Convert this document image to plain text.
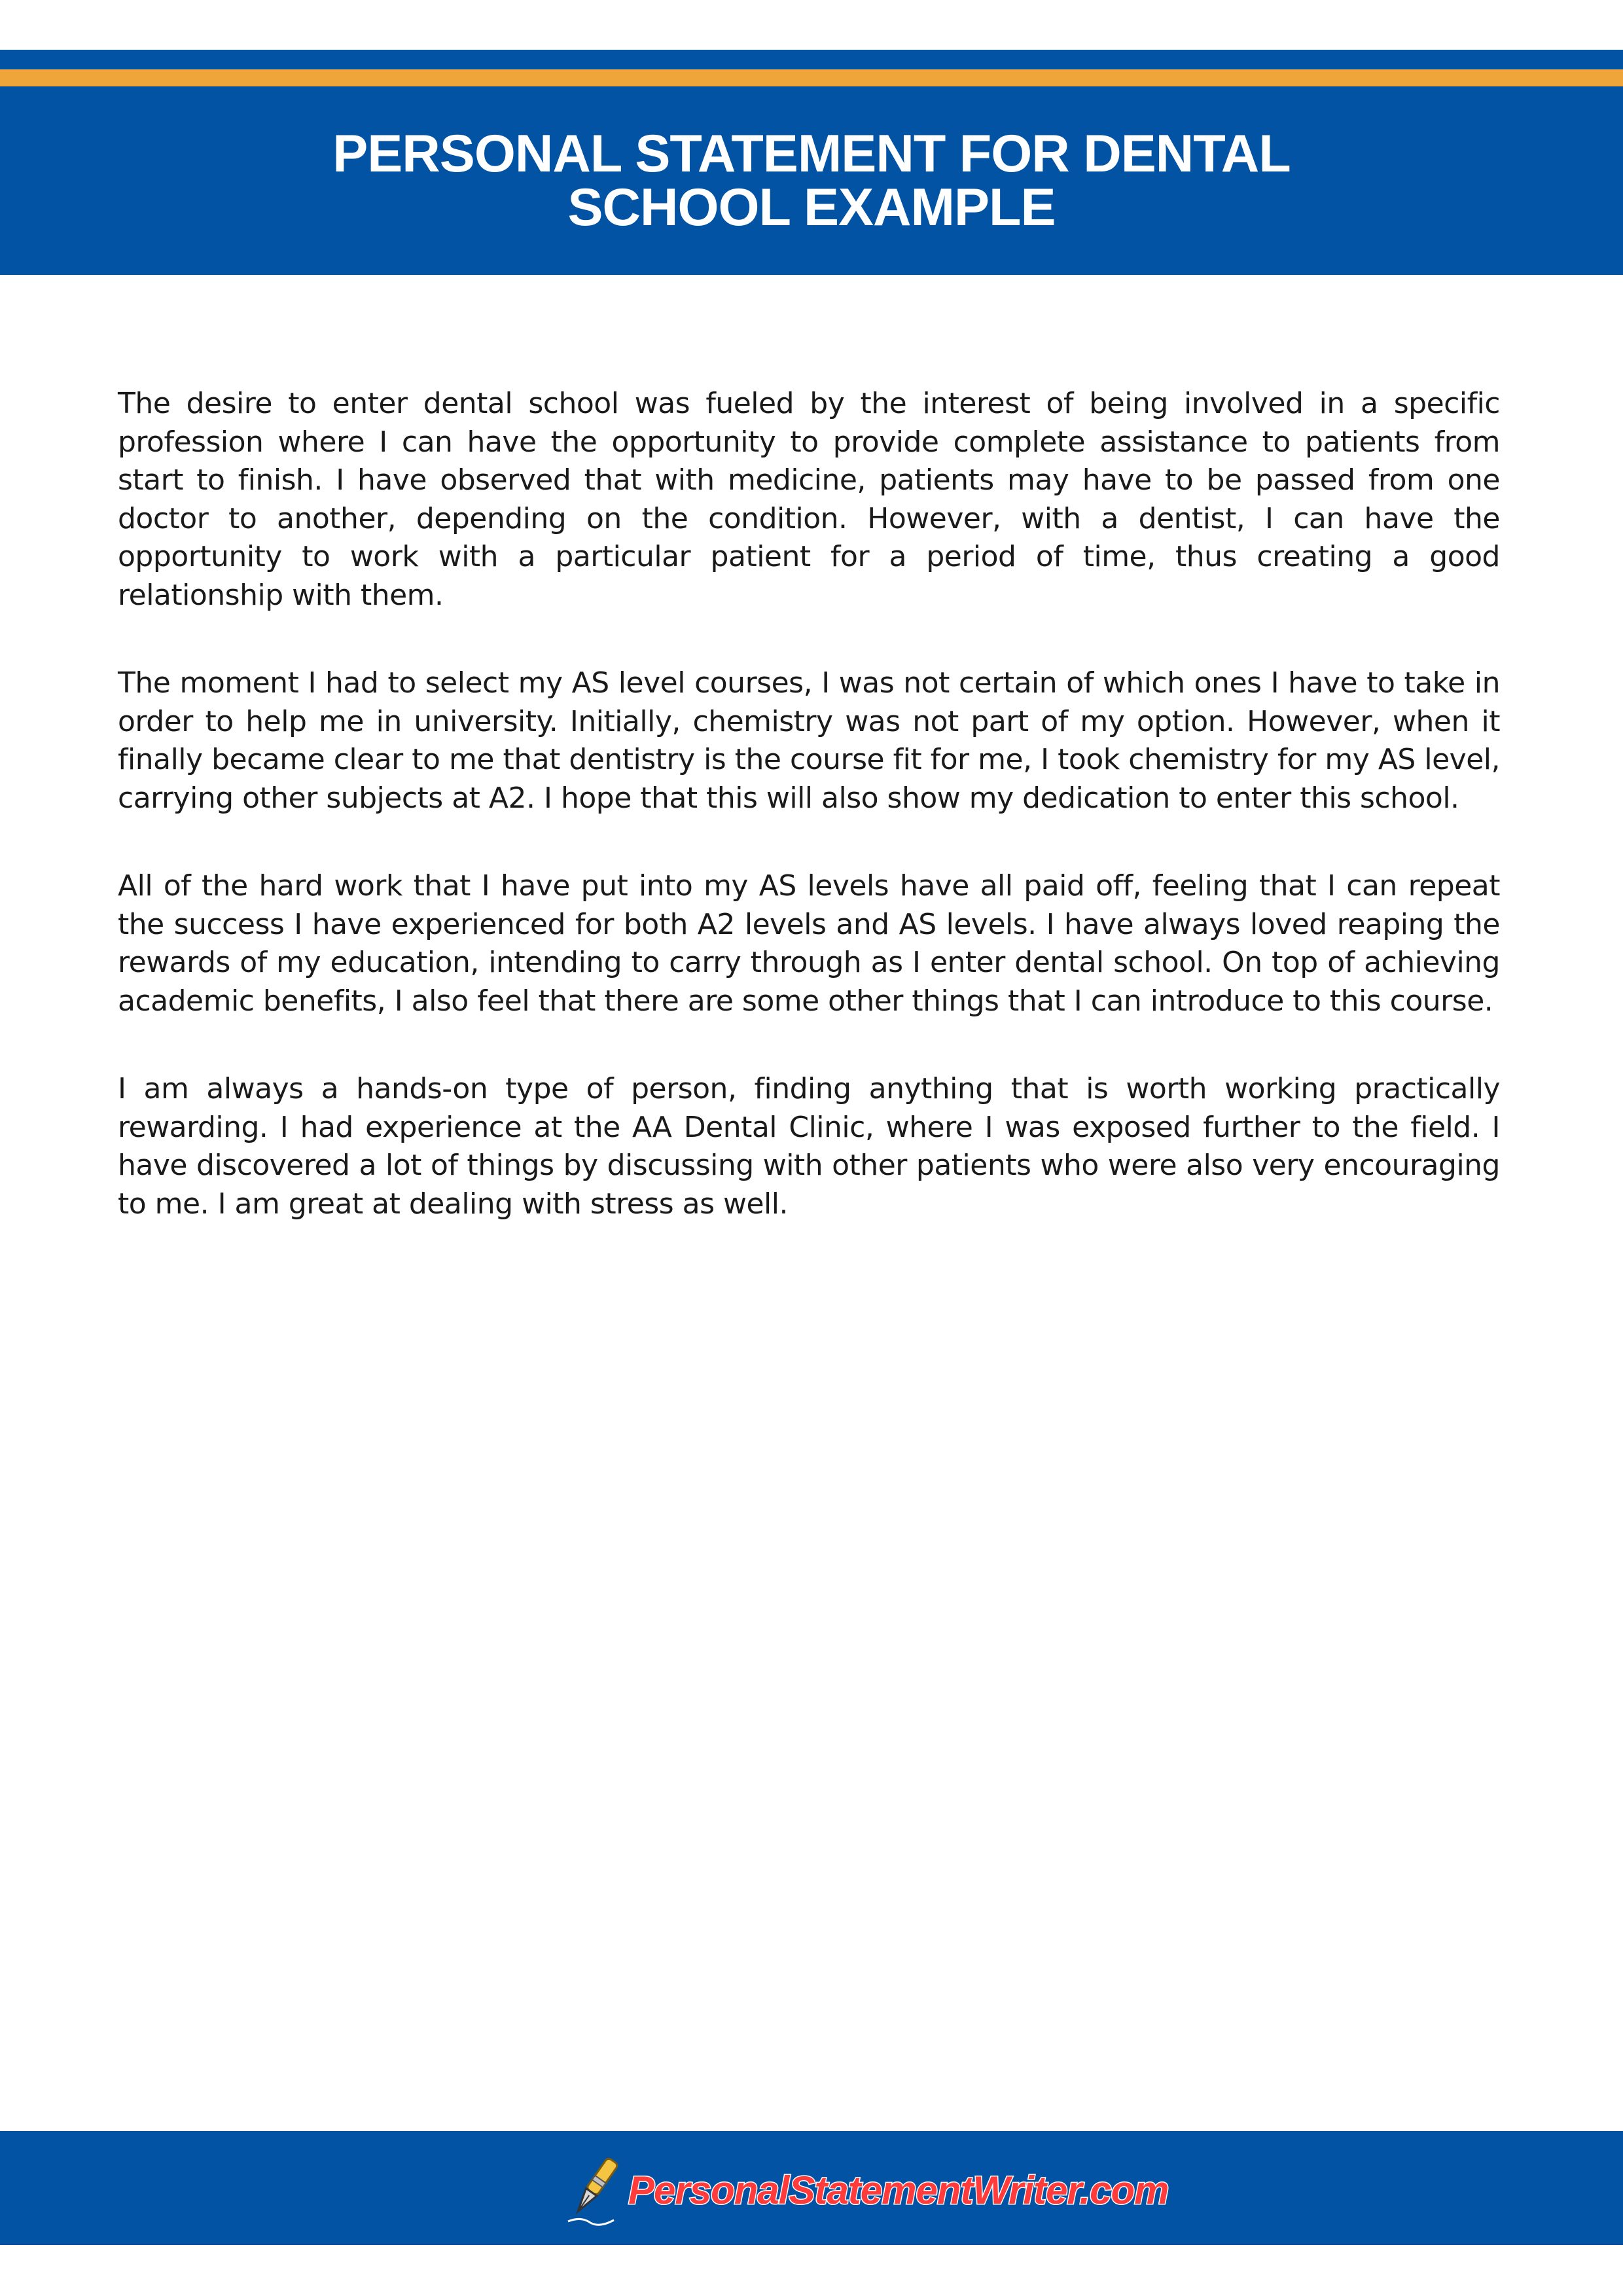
PERSONAL STATEMENT FOR DENTAL
SCHOOL EXAMPLE

The desire to enter dental school was fueled by the interest of being involved in a specific profession where I can have the opportunity to provide complete assistance to patients from start to finish. I have observed that with medicine, patients may have to be passed from one doctor to another, depending on the condition. However, with a dentist, I can have the opportunity to work with a particular patient for a period of time, thus creating a good relationship with them.

The moment I had to select my AS level courses, I was not certain of which ones I have to take in order to help me in university. Initially, chemistry was not part of my option. However, when it finally became clear to me that dentistry is the course fit for me, I took chemistry for my AS level, carrying other subjects at A2. I hope that this will also show my dedication to enter this school.

All of the hard work that I have put into my AS levels have all paid off, feeling that I can repeat the success I have experienced for both A2 levels and AS levels. I have always loved reaping the rewards of my education, intending to carry through as I enter dental school. On top of achieving academic benefits, I also feel that there are some other things that I can introduce to this course.

I am always a hands-on type of person, finding anything that is worth working practically rewarding. I had experience at the AA Dental Clinic, where I was exposed further to the field. I have discovered a lot of things by discussing with other patients who were also very encouraging to me. I am great at dealing with stress as well.

PersonalStatementWriter.com
